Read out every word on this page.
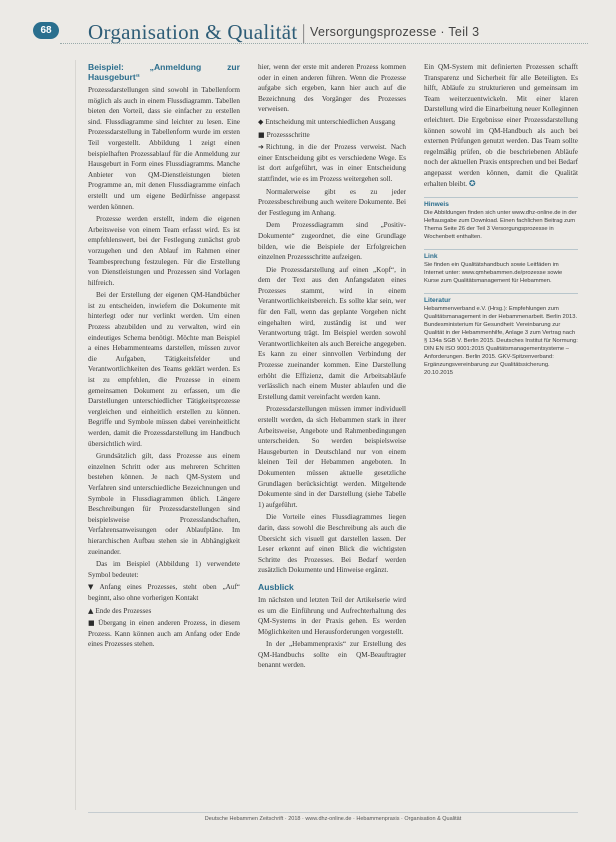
68	Organisation & Qualität | Versorgungsprozesse · Teil 3
Beispiel: „Anmeldung zur Hausgeburt“

Prozessdarstellungen sind sowohl in Tabellenform möglich als auch in einem Flussdiagramm. Tabellen bieten den Vorteil, dass sie einfacher zu erstellen sind. Flussdiagramme sind leichter zu lesen. Eine Prozessdarstellung in Tabellenform wurde im ersten Teil vorgestellt. Abbildung 1 zeigt einen beispielhaften Prozessablauf für die Anmeldung zur Hausgeburt in Form eines Flussdiagramms. Manche Anbieter von QM-Dienstleistungen bieten Programme an, mit denen Flussdiagramme einfach erstellt und um eigene Bedürfnisse angepasst werden können.

Prozesse werden erstellt, indem die eigenen Arbeitsweise von einem Team erfasst wird. Es ist empfehlenswert, bei der Festlegung zunächst grob vorzugehen und den Ablauf im Rahmen einer Teambesprechung festzulegen. Für die Erstellung von Dienstleistungen und Prozessen sind Vorlagen hilfreich.

Bei der Erstellung der eigenen QM-Handbücher ist zu entscheiden, inwiefern die Dokumente mit hinterlegt oder nur verlinkt werden. Um einen Prozess abzubilden und zu verwalten, wird ein eindeutiges Schema benötigt. Möchte man Beispiel a eines Hebammenteams darstellen, müssen zuvor die Aufgaben, Tätigkeitsfelder und Verantwortlichkeiten des Teams geklärt werden. Es ist zu empfehlen, die Prozesse in einem gemeinsamen Dokument zu erfassen, um die Darstellungen unterschiedlicher Tätigkeitsprozesse vergleichen und einheitlich erstellen zu können. Begriffe und Symbole müssen dabei vereinheitlicht werden, damit die Prozessdarstellung im Handbuch übersichtlich wird.

Grundsätzlich gilt, dass Prozesse aus einem einzelnen Schritt oder aus mehreren Schritten bestehen können. Je nach QM-System und Verfahren sind unterschiedliche Bezeichnungen und Symbole in Flussdiagrammen üblich. Längere Beschreibungen für Prozessdarstellungen sind beispielsweise Prozesslandschaften, Verfahrensanweisungen oder Ablaufpläne. Im hierarchischen Aufbau stehen sie in Abhängigkeit zueinander.

Das im Beispiel (Abbildung 1) verwendete Symbol bedeutet:

▼ Anfang eines Prozesses, steht oben „Auf“ beginnt, also ohne vorherigen Kontakt

▲ Ende des Prozesses

■ Übergang in einen anderen Prozess, in diesem Prozess. Kann können auch am Anfang oder Ende eines Prozesses stehen.

hier, wenn der erste mit anderen Prozess kommen oder in einen anderen führen. Wenn die Prozesse aufgabe sich ergeben, kann hier auch auf die Bezeichnung des Vorgänger des Prozesses verweisen.

◆ Entscheidung mit unterschiedlichen Ausgang

■ Prozessschritte

➜ Richtung, in die der Prozess verweist. Nach einer Entscheidung gibt es verschiedene Wege. Es ist dort aufgeführt, was in einer Entscheidung stattfindet, wie es im Prozess weitergehen soll.

Normalerweise gibt es zu jeder Prozessbeschreibung auch weitere Dokumente. Bei der Festlegung im Anhang.

Dem Prozessdiagramm sind „Positiv-Dokumente“ zugeordnet, die eine Grundlage bilden, wie die Beispiele der Erfolgreichen einzelnen Prozessschritte aufzeigen.

Die Prozessdarstellung auf einen „Kopf“, in dem der Text aus den Anfangsdaten eines Prozesses stammt, wird in einem Verantwortlichkeitsbereich. Es sollte klar sein, wer für den Fall, wenn das geplante Vorgehen nicht eingehalten wird, zuständig ist und wer Verantwortung trägt. Im Beispiel werden sowohl Verantwortlichkeiten als auch Bereiche angegeben. Es kann zu einer sinnvollen Verbindung der Prozesse zueinander kommen. Eine Darstellung erhöht die Effizienz, damit die Arbeitsabläufe verlässlich nach einem Muster ablaufen und die Erstellung damit vereinfacht werden kann.

Prozessdarstellungen müssen immer individuell erstellt werden, da sich Hebammen stark in ihrer Arbeitsweise, Angebote und Rahmenbedingungen unterscheiden. So werden beispielsweise Hausgeburten in Deutschland nur von einem kleinen Teil der Hebammen angeboten. In Dokumenten müssen aktuelle gesetzliche Grundlagen berücksichtigt werden. Mitgeltende Dokumente sind in der Darstellung (siehe Tabelle 1) aufgeführt.

Die Vorteile eines Flussdiagrammes liegen darin, dass sowohl die Beschreibung als auch die Übersicht sich visuell gut darstellen lassen. Der Leser erkennt auf einen Blick die wichtigsten Schritte des Prozesses. Bei Bedarf werden zusätzlich Dokumente und Hinweise ergänzt.

Ausblick

Im nächsten und letzten Teil der Artikelserie wird es um die Einführung und Aufrechterhaltung des QM-Systems in der Praxis gehen. Es werden Möglichkeiten und Herausforderungen vorgestellt.

In der „Hebammenpraxis“ zur Erstellung des QM-Handbuchs sollte ein QM-Beauftragter benannt werden.

Ein QM-System mit definierten Prozessen schafft Transparenz und Sicherheit für alle Beteiligten. Es hilft, Abläufe zu strukturieren und gemeinsam im Team weiterzuentwickeln. Mit einer klaren Darstellung wird die Einarbeitung neuer Kolleginnen erleichtert. Die Ergebnisse einer Prozessdarstellung können sowohl im QM-Handbuch als auch bei externen Prüfungen genutzt werden. Das Team sollte regelmäßig prüfen, ob die beschriebenen Abläufe noch der aktuellen Praxis entsprechen und bei Bedarf angepasst werden können, damit die Qualität erhalten bleibt. ✪

Hinweis

Die Abbildungen finden sich unter www.dhz-online.de in der Heftausgabe zum Download. Einen fachlichen Beitrag zum Thema Seite 26 der Teil 3 Versorgungsprozesse in Wochenbett enthalten.

Link

Sie finden ein Qualitätshandbuch sowie Leitfäden im Internet unter: www.qmhebammen.de/prozesse sowie Kurse zum Qualitätsmanagement für Hebammen.

Literatur

Hebammenverband e.V. (Hrsg.): Empfehlungen zum Qualitätsmanagement in der Hebammenarbeit. Berlin 2013. Bundesministerium für Gesundheit: Vereinbarung zur Qualität in der Hebammenhilfe, Anlage 3 zum Vertrag nach § 134a SGB V. Berlin 2015. Deutsches Institut für Normung: DIN EN ISO 9001:2015 Qualitätsmanagementsysteme – Anforderungen. Berlin 2015. GKV-Spitzenverband: Ergänzungsvereinbarung zur Qualitätssicherung. 20.10.2015

Deutsche Hebammen Zeitschrift · 2018 · www.dhz-online.de · Hebammenpraxis · Organisation & Qualität
